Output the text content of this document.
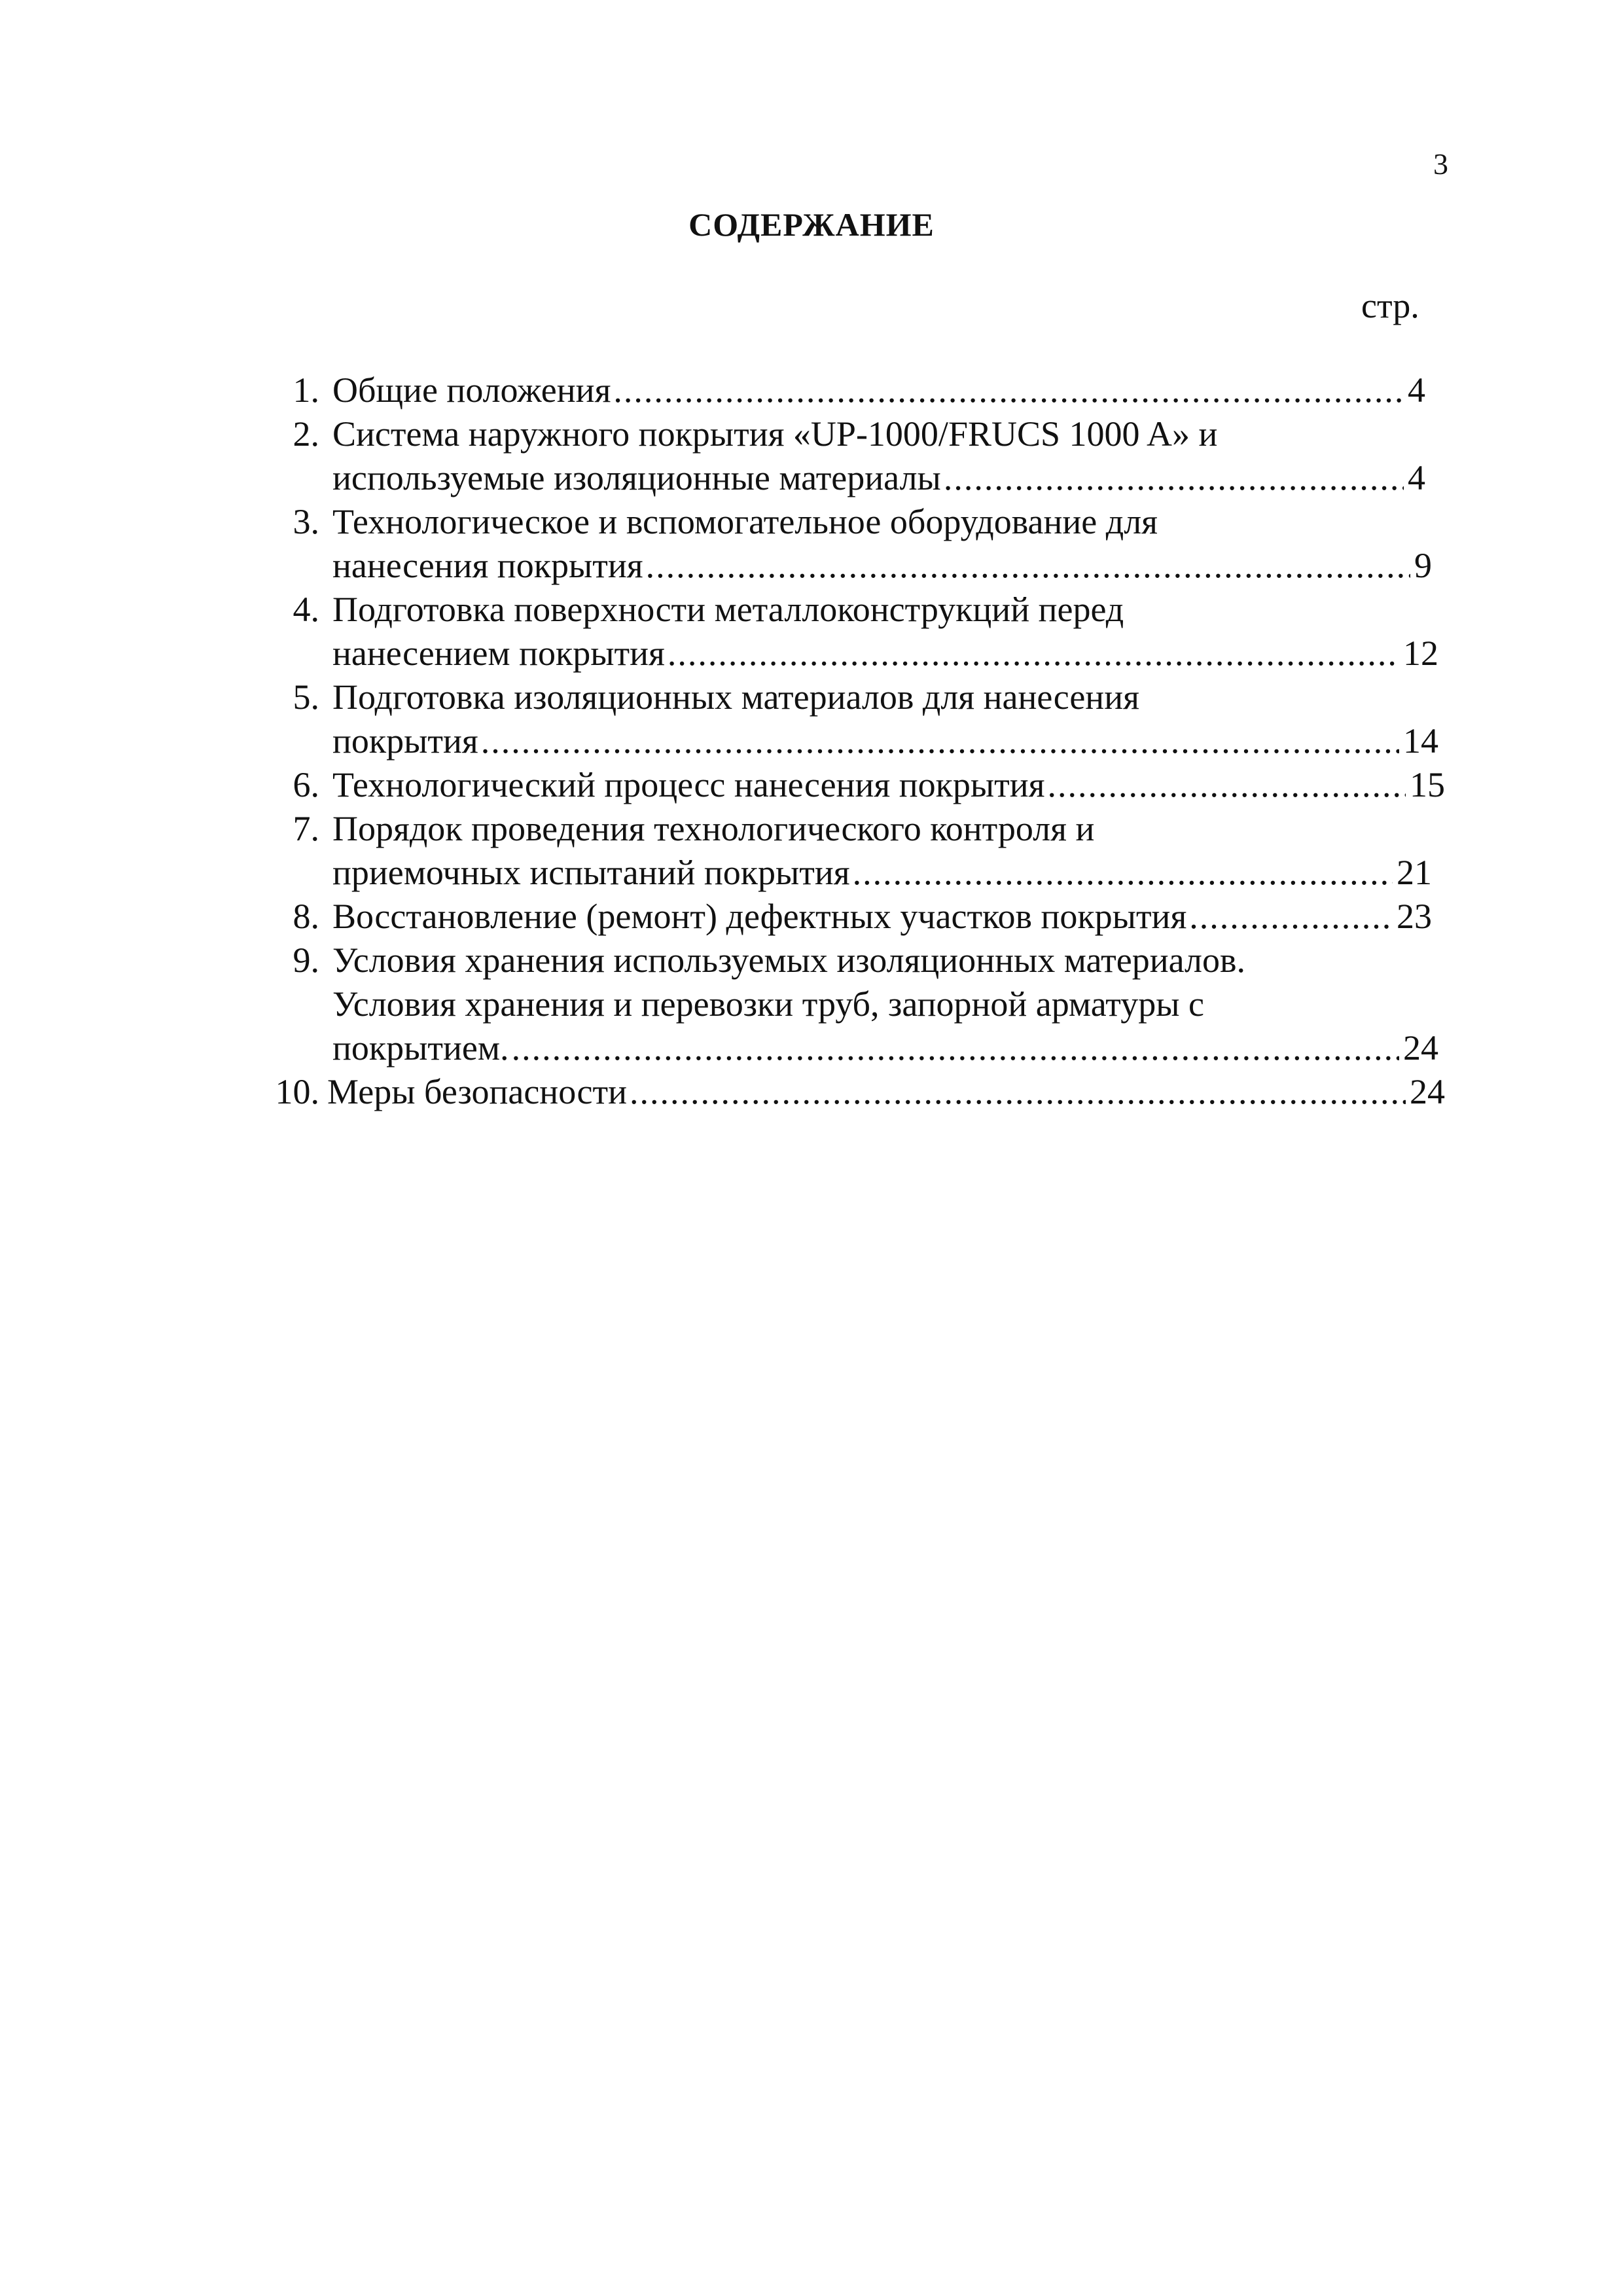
3
СОДЕРЖАНИЕ
стр.
1. Общие положения .....	4
2. Система наружного покрытия «UP-1000/FRUCS 1000 A» и
используемые изоляционные материалы .....	4
3. Технологическое и вспомогательное оборудование для
нанесения покрытия .....	9
4. Подготовка поверхности металлоконструкций перед
нанесением покрытия .....	12
5. Подготовка изоляционных материалов для нанесения
покрытия .....	14
6. Технологический процесс нанесения покрытия .....	15
7. Порядок проведения технологического контроля и
приемочных испытаний покрытия .....	21
8. Восстановление (ремонт) дефектных участков покрытия .....	23
9. Условия хранения используемых изоляционных материалов.
Условия хранения и перевозки труб, запорной арматуры с
покрытием. .....	24
10. Меры безопасности .....	24
